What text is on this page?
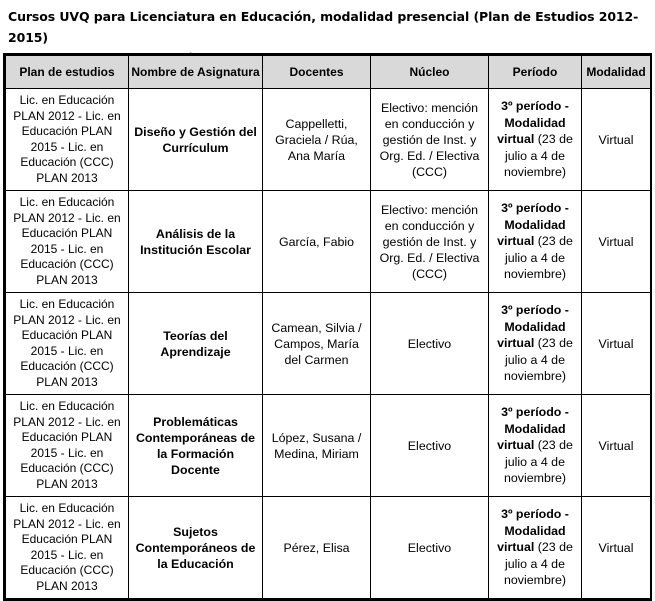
Cursos UVQ para Licenciatura en Educación, modalidad presencial (Plan de Estudios 2012-2015)
Plan de estudios	Nombre de Asignatura	Docentes	Núcleo	Período	Modalidad
Lic. en Educación PLAN 2012 - Lic. en Educación PLAN 2015 - Lic. en Educación (CCC) PLAN 2013	Diseño y Gestión del Currículum	Cappelletti, Graciela / Rúa, Ana María	Electivo: mención en conducción y gestión de Inst. y Org. Ed. / Electiva (CCC)	3º período - Modalidad virtual (23 de julio a 4 de noviembre)	Virtual
Lic. en Educación PLAN 2012 - Lic. en Educación PLAN 2015 - Lic. en Educación (CCC) PLAN 2013	Análisis de la Institución Escolar	García, Fabio	Electivo: mención en conducción y gestión de Inst. y Org. Ed. / Electiva (CCC)	3º período - Modalidad virtual (23 de julio a 4 de noviembre)	Virtual
Lic. en Educación PLAN 2012 - Lic. en Educación PLAN 2015 - Lic. en Educación (CCC) PLAN 2013	Teorías del Aprendizaje	Camean, Silvia / Campos, María del Carmen	Electivo	3º período - Modalidad virtual (23 de julio a 4 de noviembre)	Virtual
Lic. en Educación PLAN 2012 - Lic. en Educación PLAN 2015 - Lic. en Educación (CCC) PLAN 2013	Problemáticas Contemporáneas de la Formación Docente	López, Susana / Medina, Miriam	Electivo	3º período - Modalidad virtual (23 de julio a 4 de noviembre)	Virtual
Lic. en Educación PLAN 2012 - Lic. en Educación PLAN 2015 - Lic. en Educación (CCC) PLAN 2013	Sujetos Contemporáneos de la Educación	Pérez, Elisa	Electivo	3º período - Modalidad virtual (23 de julio a 4 de noviembre)	Virtual
